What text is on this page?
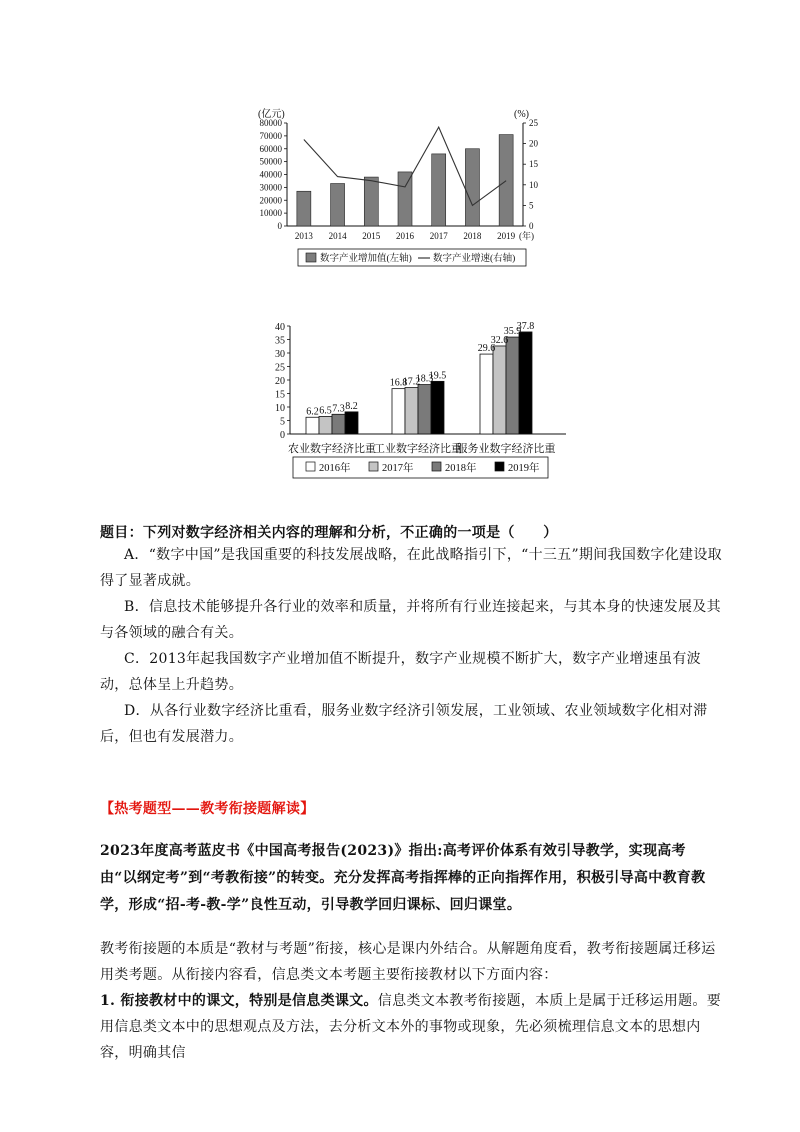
(亿元)	(%)
80000
70000
60000
50000
40000
30000
20000
10000
0
25
20
15
10
5
0
2013 2014 2015 2016 2017 2018 2019 (年)
数字产业增加值(左轴) 数字产业增速(右轴)
40
35
30
25
20
15
10
5
0
6.2 6.5 7.3 8.2
16.8
17.2
18.3
19.5
29.6
32.6
35.9
37.8
农业数字经济比重
工业数字经济比重
服务业数字经济比重
2016年	2017年	2018年	2019年
题目：下列对数字经济相关内容的理解和分析，不正确的一项是（　　）
A．“数字中国”是我国重要的科技发展战略，在此战略指引下，“十三五”期间我国数字化建设取得了显著成就。
B．信息技术能够提升各行业的效率和质量，并将所有行业连接起来，与其本身的快速发展及其与各领域的融合有关。
C．2013年起我国数字产业增加值不断提升，数字产业规模不断扩大，数字产业增速虽有波动，总体呈上升趋势。
D．从各行业数字经济比重看，服务业数字经济引领发展，工业领域、农业领域数字化相对滞后，但也有发展潜力。
【热考题型——教考衔接题解读】
2023年度高考蓝皮书《中国高考报告(2023)》指出:高考评价体系有效引导教学，实现高考由“以纲定考”到“考教衔接”的转变。充分发挥高考指挥棒的正向指挥作用，积极引导高中教育教学，形成“招-考-教-学”良性互动，引导教学回归课标、回归课堂。
教考衔接题的本质是“教材与考题”衔接，核心是课内外结合。从解题角度看，教考衔接题属迁移运用类考题。从衔接内容看，信息类文本考题主要衔接教材以下方面内容：
1. 衔接教材中的课文，特别是信息类课文。信息类文本教考衔接题，本质上是属于迁移运用题。要用信息类文本中的思想观点及方法，去分析文本外的事物或现象，先必须梳理信息文本的思想内容，明确其信
